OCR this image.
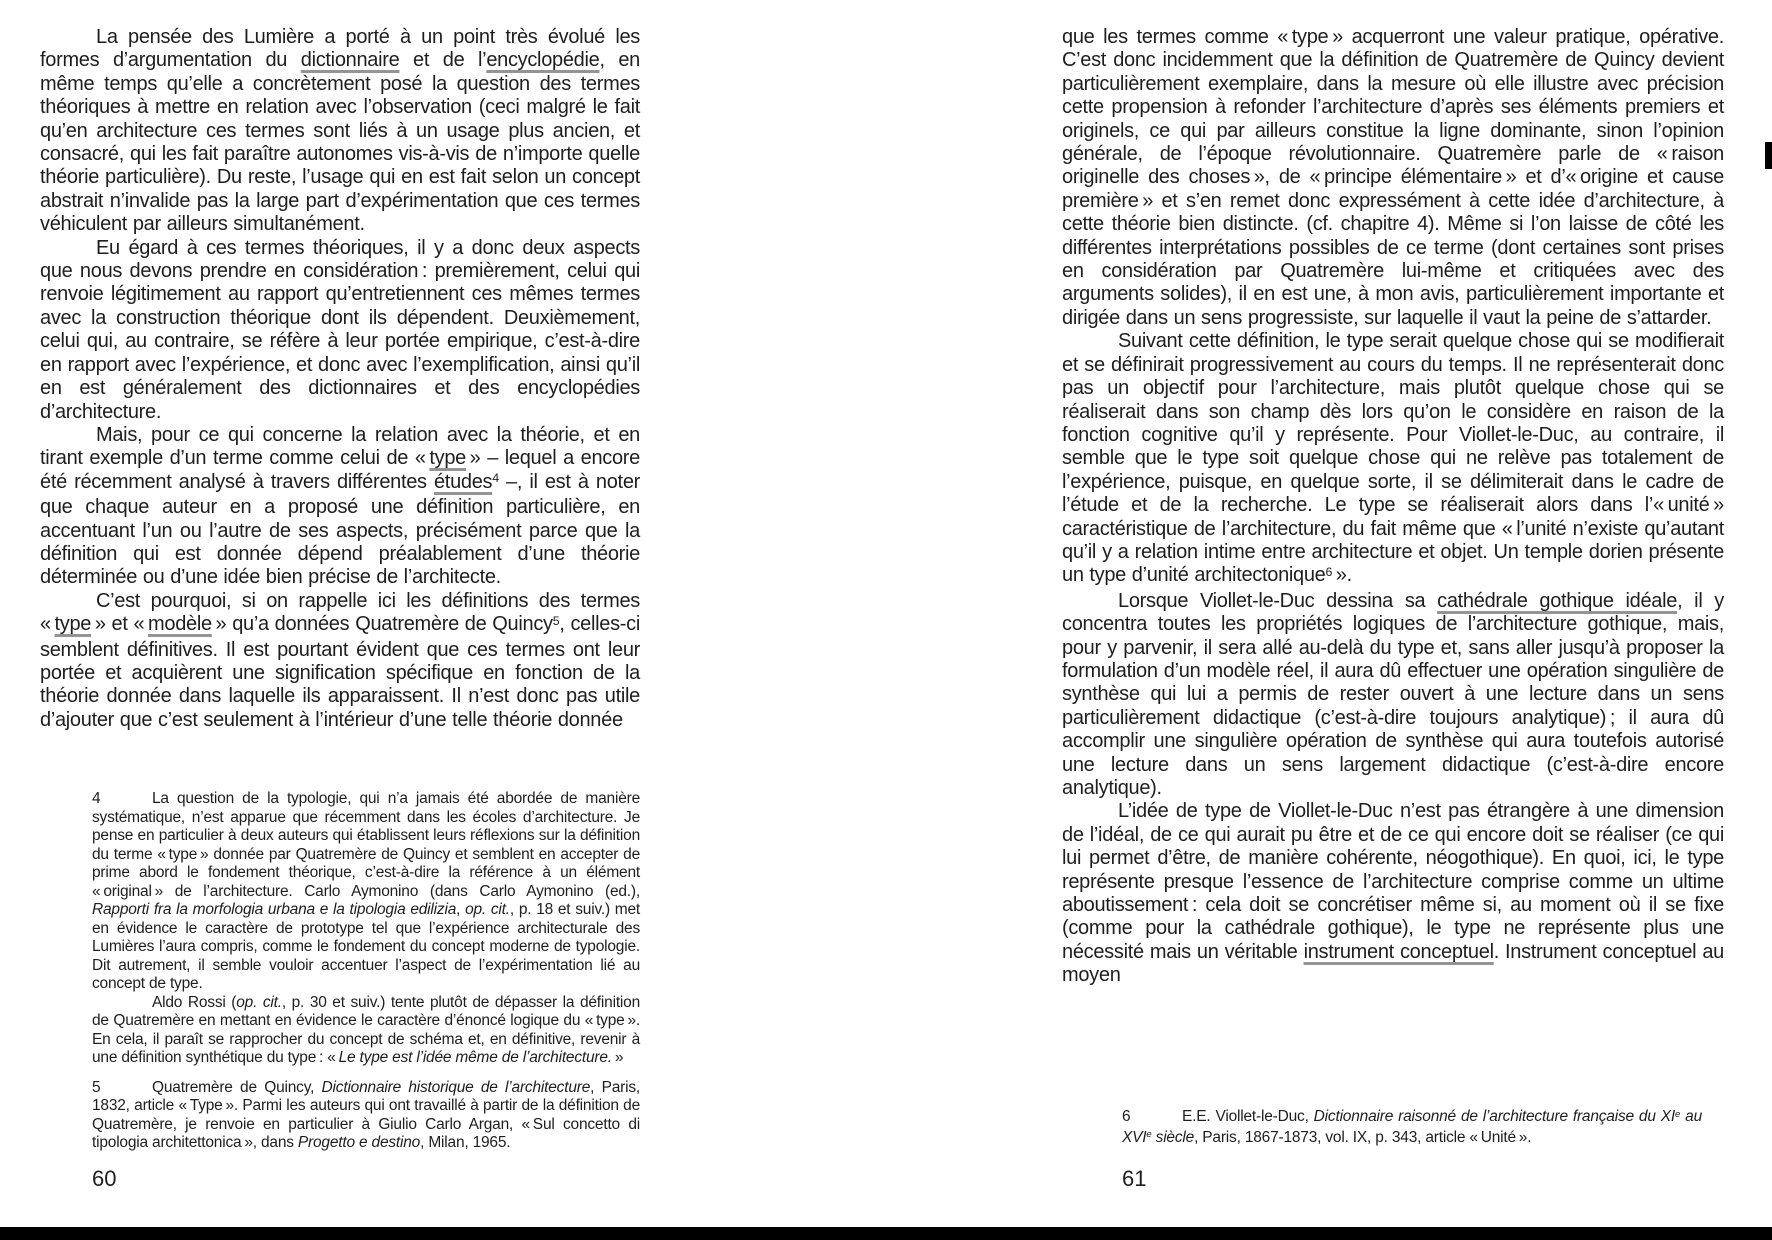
La pensée des Lumière a porté à un point très évolué les formes d’argumentation du dictionnaire et de l’encyclopédie, en même temps qu’elle a concrètement posé la question des termes théoriques à mettre en relation avec l’observation (ceci malgré le fait qu’en architecture ces termes sont liés à un usage plus ancien, et consacré, qui les fait paraître autonomes vis-à-vis de n’importe quelle théorie particulière). Du reste, l’usage qui en est fait selon un concept abstrait n’invalide pas la large part d’expérimentation que ces termes véhiculent par ailleurs simultanément.

Eu égard à ces termes théoriques, il y a donc deux aspects que nous devons prendre en considération : premièrement, celui qui renvoie légitimement au rapport qu’entretiennent ces mêmes termes avec la construction théorique dont ils dépendent. Deuxièmement, celui qui, au contraire, se réfère à leur portée empirique, c’est-à-dire en rapport avec l’expérience, et donc avec l’exemplification, ainsi qu’il en est généralement des dictionnaires et des encyclopédies d’architecture.

Mais, pour ce qui concerne la relation avec la théorie, et en tirant exemple d’un terme comme celui de « type » – lequel a encore été récemment analysé à travers différentes études$^4$ –, il est à noter que chaque auteur en a proposé une définition particulière, en accentuant l’un ou l’autre de ses aspects, précisément parce que la définition qui est donnée dépend préalablement d’une théorie déterminée ou d’une idée bien précise de l’architecte.

C’est pourquoi, si on rappelle ici les définitions des termes « type » et « modèle » qu’a données Quatremère de Quincy$^5$, celles-ci semblent définitives. Il est pourtant évident que ces termes ont leur portée et acquièrent une signification spécifique en fonction de la théorie donnée dans laquelle ils apparaissent. Il n’est donc pas utile d’ajouter que c’est seulement à l’intérieur d’une telle théorie donnée

4	La question de la typologie, qui n’a jamais été abordée de manière systématique, n’est apparue que récemment dans les écoles d’architecture. Je pense en particulier à deux auteurs qui établissent leurs réflexions sur la définition du terme « type » donnée par Quatremère de Quincy et semblent en accepter de prime abord le fondement théorique, c’est-à-dire la référence à un élément « original » de l’architecture. Carlo Aymonino (dans Carlo Aymonino (ed.), Rapporti fra la morfologia urbana e la tipologia edilizia, op. cit., p. 18 et suiv.) met en évidence le caractère de prototype tel que l’expérience architecturale des Lumières l’aura compris, comme le fondement du concept moderne de typologie. Dit autrement, il semble vouloir accentuer l’aspect de l’expérimentation lié au concept de type.

Aldo Rossi (op. cit., p. 30 et suiv.) tente plutôt de dépasser la définition de Quatremère en mettant en évidence le caractère d’énoncé logique du « type ». En cela, il paraît se rapprocher du concept de schéma et, en définitive, revenir à une définition synthétique du type : « Le type est l’idée même de l’architecture. »

5	Quatremère de Quincy, Dictionnaire historique de l’architecture, Paris, 1832, article « Type ». Parmi les auteurs qui ont travaillé à partir de la définition de Quatremère, je renvoie en particulier à Giulio Carlo Argan, « Sul concetto di tipologia architettonica », dans Progetto e destino, Milan, 1965.

60

que les termes comme « type » acquerront une valeur pratique, opérative. C’est donc incidemment que la définition de Quatremère de Quincy devient particulièrement exemplaire, dans la mesure où elle illustre avec précision cette propension à refonder l’architecture d’après ses éléments premiers et originels, ce qui par ailleurs constitue la ligne dominante, sinon l’opinion générale, de l’époque révolutionnaire. Quatremère parle de « raison originelle des choses », de « principe élémentaire » et d’« origine et cause première » et s’en remet donc expressément à cette idée d’architecture, à cette théorie bien distincte. (cf. chapitre 4). Même si l’on laisse de côté les différentes interprétations possibles de ce terme (dont certaines sont prises en considération par Quatremère lui-même et critiquées avec des arguments solides), il en est une, à mon avis, particulièrement importante et dirigée dans un sens progressiste, sur laquelle il vaut la peine de s’attarder.

Suivant cette définition, le type serait quelque chose qui se modifierait et se définirait progressivement au cours du temps. Il ne représenterait donc pas un objectif pour l’architecture, mais plutôt quelque chose qui se réaliserait dans son champ dès lors qu’on le considère en raison de la fonction cognitive qu’il y représente. Pour Viollet-le-Duc, au contraire, il semble que le type soit quelque chose qui ne relève pas totalement de l’expérience, puisque, en quelque sorte, il se délimiterait dans le cadre de l’étude et de la recherche. Le type se réaliserait alors dans l’« unité » caractéristique de l’architecture, du fait même que « l’unité n’existe qu’autant qu’il y a relation intime entre architecture et objet. Un temple dorien présente un type d’unité architectonique$^6$ ».

Lorsque Viollet-le-Duc dessina sa cathédrale gothique idéale, il y concentra toutes les propriétés logiques de l’architecture gothique, mais, pour y parvenir, il sera allé au-delà du type et, sans aller jusqu’à proposer la formulation d’un modèle réel, il aura dû effectuer une opération singulière de synthèse qui lui a permis de rester ouvert à une lecture dans un sens particulièrement didactique (c’est-à-dire toujours analytique) ; il aura dû accomplir une singulière opération de synthèse qui aura toutefois autorisé une lecture dans un sens largement didactique (c’est-à-dire encore analytique).

L’idée de type de Viollet-le-Duc n’est pas étrangère à une dimension de l’idéal, de ce qui aurait pu être et de ce qui encore doit se réaliser (ce qui lui permet d’être, de manière cohérente, néogothique). En quoi, ici, le type représente presque l’essence de l’architecture comprise comme un ultime aboutissement : cela doit se concrétiser même si, au moment où il se fixe (comme pour la cathédrale gothique), le type ne représente plus une nécessité mais un véritable instrument conceptuel. Instrument conceptuel au moyen

6	E.E. Viollet-le-Duc, Dictionnaire raisonné de l’architecture française du XIe au XVIe siècle, Paris, 1867-1873, vol. IX, p. 343, article « Unité ».

61
